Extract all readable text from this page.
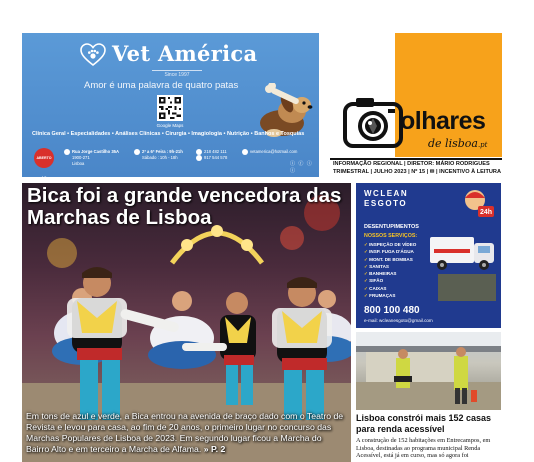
Vet América
Since 1997
Amor é uma palavra de quatro patas
Google Maps
Clínica Geral • Especialidades • Análises Clínicas • Cirurgia • Imagiologia • Nutrição • Banhos e Tosquias
ABERTO
Rua Jorge Castilho 35A
1900-271
Lisboa
2ª a 6ª Feira : 9h-21h
Sábado : 10h - 18h
218 482 111
917 544 578
vetamerica@hotmail.com
ⓘ ⓕ ⓘ ⓘ
olhares
de lisboa.pt
INFORMAÇÃO REGIONAL | DIRETOR: MÁRIO RODRIGUES
TRIMESTRAL | JULHO 2023 | Nº 15 | ✉ | INCENTIVO À LEITURA
Bica foi a grande vencedora das Marchas de Lisboa
Em tons de azul e verde, a Bica entrou na avenida de braço dado com o Teatro de Revista e levou para casa, ao fim de 20 anos, o primeiro lugar no concurso das Marchas Populares de Lisboa de 2023. Em segundo lugar ficou a Marcha do Bairro Alto e em terceiro a Marcha de Alfama. » P. 2
WCLEAN
ESGOTO
24h
DESENTUPIMENTOS
NOSSOS SERVIÇOS:
✓ INSPEÇÃO DE VÍDEO
✓ INSP. FUGA D'ÁGUA
✓ MONT. DE BOMBAS
✓ SANITAS
✓ BANHEIRAS
✓ SIFÃO
✓ CAIXAS
✓ FRUMAÇAS
800 100 480
e-mail: wcleanesgoto@gmail.com
Lisboa constrói mais 152 casas para renda acessível
A construção de 152 habitações em Entrecampos, em Lisboa, destinadas ao programa municipal Renda Acessível, está já em curso, mas só agora foi
